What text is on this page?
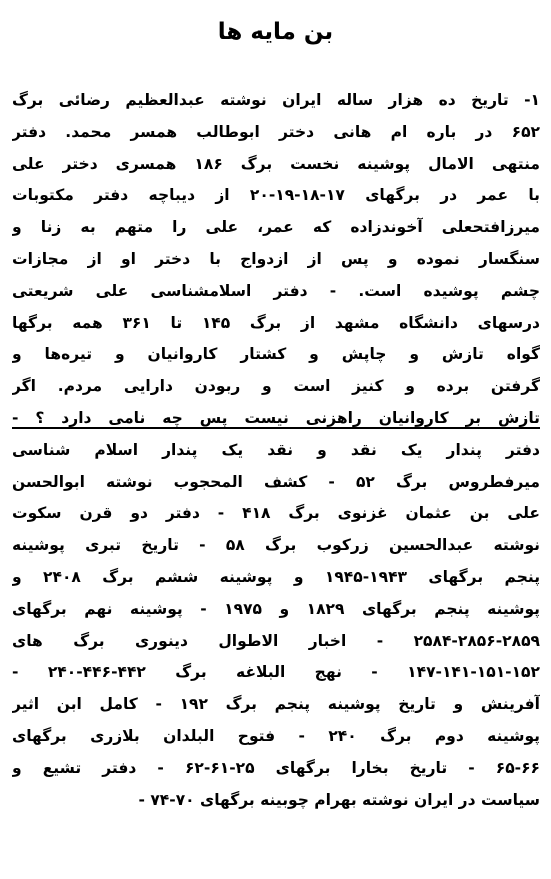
بن مایه ها
۱- تاریخ ده هزار ساله ایران نوشته عبدالعظیم رضائی برگ
۶۵۲ در باره ام هانی دختر ابوطالب همسر محمد. دفتر
منتهی الامال پوشینه نخست برگ ۱۸۶ همسری دختر علی
با عمر در برگهای ۱۷-۱۸-۱۹-۲۰ از دیباچه دفتر مکتوبات
میرزافتحعلی آخوندزاده که عمر، علی را متهم به زنا و
سنگسار نموده و پس از ازدواج با دختر او از مجازات
چشم پوشیده است. - دفتر اسلامشناسی علی شریعتی
درسهای دانشگاه مشهد از برگ ۱۴۵ تا ۳۶۱ همه برگها
گواه تازش و چاپش و کشتار کاروانیان و تیره‌ها و
گرفتن برده و کنیز است و ربودن دارایی مردم. اگر
تازش بر کاروانیان راهزنی نیست پس چه نامی دارد ؟ -
دفتر پندار یک نقد و نقد یک پندار اسلام شناسی
میرفطروس برگ ۵۲ - کشف المحجوب نوشته ابوالحسن
علی بن عثمان غزنوی برگ ۴۱۸ - دفتر دو قرن سکوت
نوشته عبدالحسین زرکوب برگ ۵۸ - تاریخ تبری پوشینه
پنجم برگهای ۱۹۴۳-۱۹۴۵ و پوشینه ششم برگ ۲۴۰۸ و
پوشینه پنجم برگهای ۱۸۲۹ و ۱۹۷۵ - پوشینه نهم برگهای
۲۵۸۴-۲۸۵۶-۲۸۵۹ - اخبار الاطوال دینوری برگ های
۱۴۷-۱۴۱-۱۵۱-۱۵۲ - نهج البلاغه برگ ۴۴۲-۴۴۶-۲۴۰ -
آفرینش و تاریخ پوشینه پنجم برگ ۱۹۲ - کامل ابن اثیر
پوشینه دوم برگ ۲۴۰ - فتوح البلدان بلازری برگهای
۶۵-۶۶ - تاریخ بخارا برگهای ۲۵-۶۱-۶۲ - دفتر تشیع و
سیاست در ایران نوشته بهرام چوبینه برگهای ۷۰-۷۴ -
